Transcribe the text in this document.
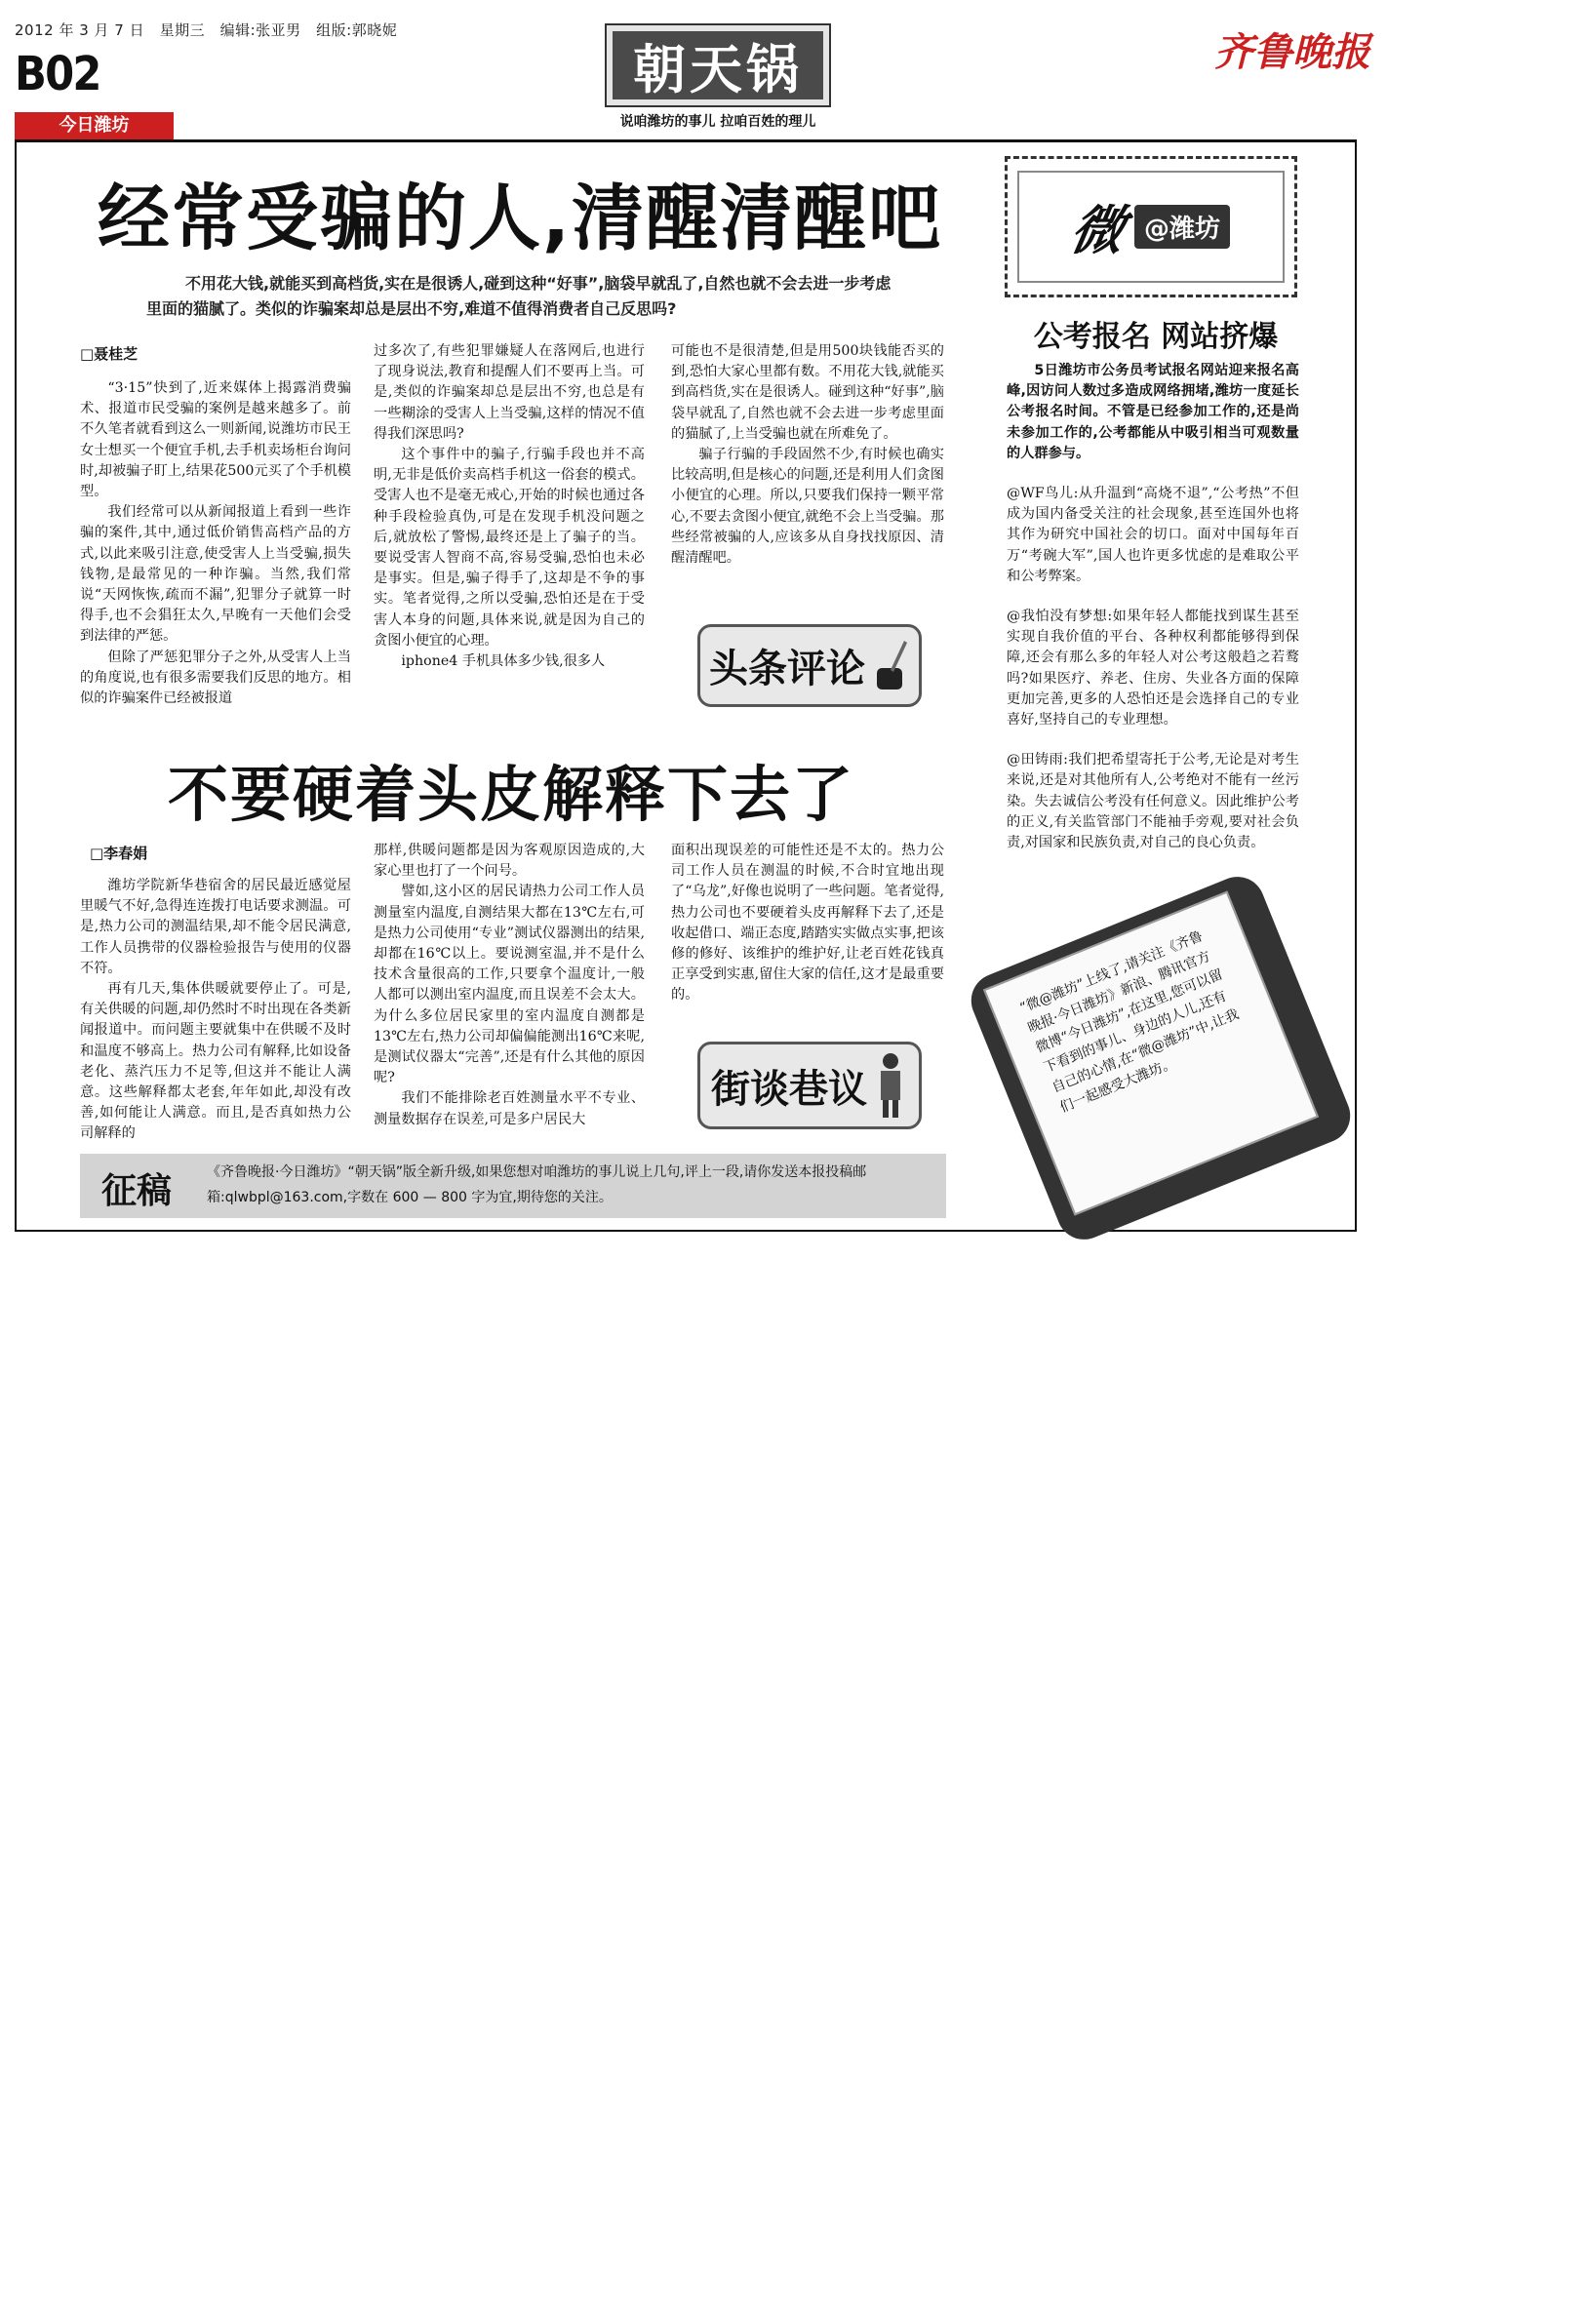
2012 年 3 月 7 日　星期三　编辑:张亚男　组版:郭晓妮
B02
今日潍坊
朝天锅
说咱潍坊的事儿 拉咱百姓的理儿
齐鲁晚报
经常受骗的人,清醒清醒吧
不用花大钱,就能买到高档货,实在是很诱人,碰到这种“好事”,脑袋早就乱了,自然也就不会去进一步考虑里面的猫腻了。类似的诈骗案却总是层出不穷,难道不值得消费者自己反思吗?
□聂桂芝

“3·15”快到了,近来媒体上揭露消费骗术、报道市民受骗的案例是越来越多了。前不久笔者就看到这么一则新闻,说潍坊市民王女士想买一个便宜手机,去手机卖场柜台询问时,却被骗子盯上,结果花500元买了个手机模型。

我们经常可以从新闻报道上看到一些诈骗的案件,其中,通过低价销售高档产品的方式,以此来吸引注意,使受害人上当受骗,损失钱物,是最常见的一种诈骗。当然,我们常说“天网恢恢,疏而不漏”,犯罪分子就算一时得手,也不会猖狂太久,早晚有一天他们会受到法律的严惩。

但除了严惩犯罪分子之外,从受害人上当的角度说,也有很多需要我们反思的地方。相似的诈骗案件已经被报道

过多次了,有些犯罪嫌疑人在落网后,也进行了现身说法,教育和提醒人们不要再上当。可是,类似的诈骗案却总是层出不穷,也总是有一些糊涂的受害人上当受骗,这样的情况不值得我们深思吗?

这个事件中的骗子,行骗手段也并不高明,无非是低价卖高档手机这一俗套的模式。受害人也不是毫无戒心,开始的时候也通过各种手段检验真伪,可是在发现手机没问题之后,就放松了警惕,最终还是上了骗子的当。要说受害人智商不高,容易受骗,恐怕也未必是事实。但是,骗子得手了,这却是不争的事实。笔者觉得,之所以受骗,恐怕还是在于受害人本身的问题,具体来说,就是因为自己的贪图小便宜的心理。

iphone4 手机具体多少钱,很多人

可能也不是很清楚,但是用500块钱能否买的到,恐怕大家心里都有数。不用花大钱,就能买到高档货,实在是很诱人。碰到这种“好事”,脑袋早就乱了,自然也就不会去进一步考虑里面的猫腻了,上当受骗也就在所难免了。

骗子行骗的手段固然不少,有时候也确实比较高明,但是核心的问题,还是利用人们贪图小便宜的心理。所以,只要我们保持一颗平常心,不要去贪图小便宜,就绝不会上当受骗。那些经常被骗的人,应该多从自身找找原因、清醒清醒吧。

头条评论
不要硬着头皮解释下去了
□李春娟

潍坊学院新华巷宿舍的居民最近感觉屋里暖气不好,急得连连拨打电话要求测温。可是,热力公司的测温结果,却不能令居民满意,工作人员携带的仪器检验报告与使用的仪器不符。

再有几天,集体供暖就要停止了。可是,有关供暖的问题,却仍然时不时出现在各类新闻报道中。而问题主要就集中在供暖不及时和温度不够高上。热力公司有解释,比如设备老化、蒸汽压力不足等,但这并不能让人满意。这些解释都太老套,年年如此,却没有改善,如何能让人满意。而且,是否真如热力公司解释的

那样,供暖问题都是因为客观原因造成的,大家心里也打了一个问号。

譬如,这小区的居民请热力公司工作人员测量室内温度,自测结果大都在13℃左右,可是热力公司使用“专业”测试仪器测出的结果,却都在16℃以上。要说测室温,并不是什么技术含量很高的工作,只要拿个温度计,一般人都可以测出室内温度,而且误差不会太大。为什么多位居民家里的室内温度自测都是13℃左右,热力公司却偏偏能测出16℃来呢,是测试仪器太“完善”,还是有什么其他的原因呢?

我们不能排除老百姓测量水平不专业、测量数据存在误差,可是多户居民大

面积出现误差的可能性还是不太的。热力公司工作人员在测温的时候,不合时宜地出现了“乌龙”,好像也说明了一些问题。笔者觉得,热力公司也不要硬着头皮再解释下去了,还是收起借口、端正态度,踏踏实实做点实事,把该修的修好、该维护的维护好,让老百姓花钱真正享受到实惠,留住大家的信任,这才是最重要的。

街谈巷议
微 @潍坊
公考报名 网站挤爆

5日潍坊市公务员考试报名网站迎来报名高峰,因访问人数过多造成网络拥堵,潍坊一度延长公考报名时间。不管是已经参加工作的,还是尚未参加工作的,公考都能从中吸引相当可观数量的人群参与。

@WF鸟儿:从升温到“高烧不退”,“公考热”不但成为国内备受关注的社会现象,甚至连国外也将其作为研究中国社会的切口。面对中国每年百万“考碗大军”,国人也许更多忧虑的是难取公平和公考弊案。

@我怕没有梦想:如果年轻人都能找到谋生甚至实现自我价值的平台、各种权利都能够得到保障,还会有那么多的年轻人对公考这般趋之若鹜吗?如果医疗、养老、住房、失业各方面的保障更加完善,更多的人恐怕还是会选择自己的专业喜好,坚持自己的专业理想。

@田铸雨:我们把希望寄托于公考,无论是对考生来说,还是对其他所有人,公考绝对不能有一丝污染。失去诚信公考没有任何意义。因此维护公考的正义,有关监管部门不能袖手旁观,要对社会负责,对国家和民族负责,对自己的良心负责。

“微@潍坊”上线了,请关注《齐鲁晚报·今日潍坊》新浪、腾讯官方微博“今日潍坊”,在这里,您可以留下看到的事儿、身边的人儿,还有自己的心情,在“微@潍坊”中,让我们一起感受大潍坊。
征稿	《齐鲁晚报·今日潍坊》“朝天锅”版全新升级,如果您想对咱潍坊的事儿说上几句,评上一段,请你发送本报投稿邮箱:qlwbpl@163.com,字数在 600 — 800 字为宜,期待您的关注。
